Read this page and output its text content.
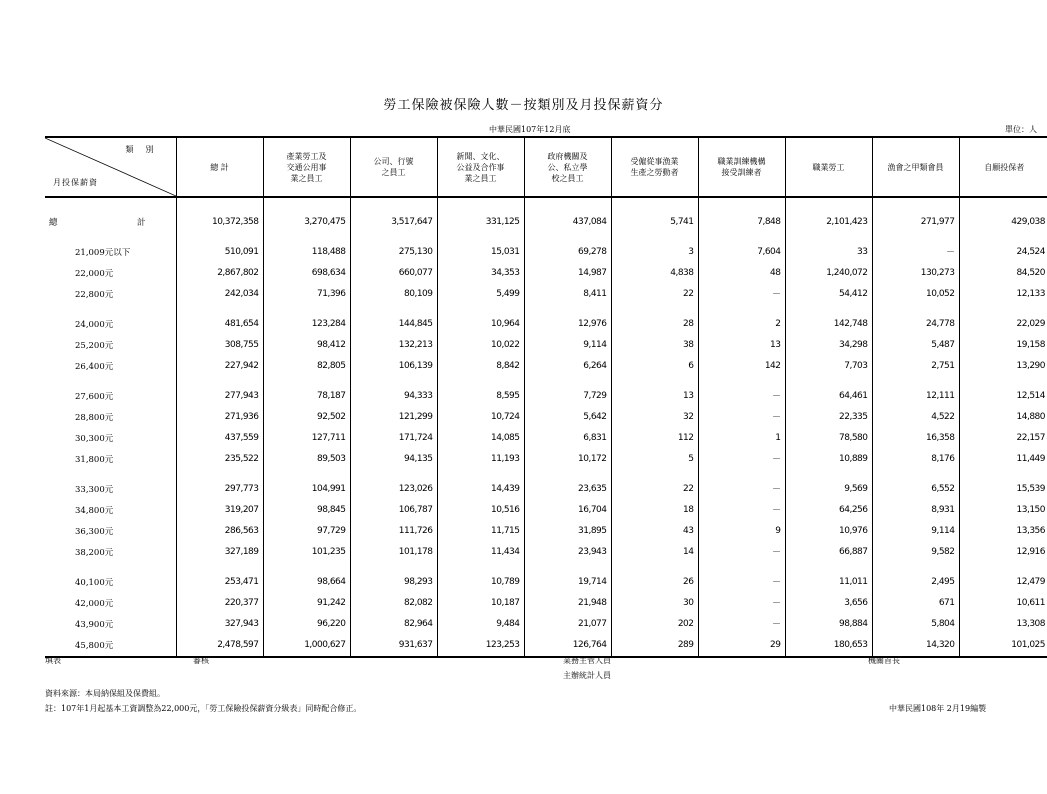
勞工保險被保險人數－按類別及月投保薪資分
中華民國107年12月底	單位：人
類別
月投保薪資	總 計	產業勞工及
交通公用事
業之員工	公司、行號
之員工	新聞、文化、
公益及合作事
業之員工	政府機關及
公、私立學
校之員工	受僱從事漁業
生產之勞動者	職業訓練機構
接受訓練者	職業勞工	漁會之甲類會員	自願投保者

總 計	10,372,358	3,270,475	3,517,647	331,125	437,084	5,741	7,848	2,101,423	271,977	429,038

21,009元以下	510,091	118,488	275,130	15,031	69,278	3	7,604	33	－	24,524
22,000元	2,867,802	698,634	660,077	34,353	14,987	4,838	48	1,240,072	130,273	84,520
22,800元	242,034	71,396	80,109	5,499	8,411	22	－	54,412	10,052	12,133

24,000元	481,654	123,284	144,845	10,964	12,976	28	2	142,748	24,778	22,029
25,200元	308,755	98,412	132,213	10,022	9,114	38	13	34,298	5,487	19,158
26,400元	227,942	82,805	106,139	8,842	6,264	6	142	7,703	2,751	13,290

27,600元	277,943	78,187	94,333	8,595	7,729	13	－	64,461	12,111	12,514
28,800元	271,936	92,502	121,299	10,724	5,642	32	－	22,335	4,522	14,880
30,300元	437,559	127,711	171,724	14,085	6,831	112	1	78,580	16,358	22,157
31,800元	235,522	89,503	94,135	11,193	10,172	5	－	10,889	8,176	11,449

33,300元	297,773	104,991	123,026	14,439	23,635	22	－	9,569	6,552	15,539
34,800元	319,207	98,845	106,787	10,516	16,704	18	－	64,256	8,931	13,150
36,300元	286,563	97,729	111,726	11,715	31,895	43	9	10,976	9,114	13,356
38,200元	327,189	101,235	101,178	11,434	23,943	14	－	66,887	9,582	12,916

40,100元	253,471	98,664	98,293	10,789	19,714	26	－	11,011	2,495	12,479
42,000元	220,377	91,242	82,082	10,187	21,948	30	－	3,656	671	10,611
43,900元	327,943	96,220	82,964	9,484	21,077	202	－	98,884	5,804	13,308
45,800元	2,478,597	1,000,627	931,637	123,253	126,764	289	29	180,653	14,320	101,025
填表	審核	業務主管人員
主辦統計人員
機關首長
資料來源：本局納保組及保費組。
註：107年1月起基本工資調整為22,000元，「勞工保險投保薪資分級表」同時配合修正。	中華民國108年 2月19編製
